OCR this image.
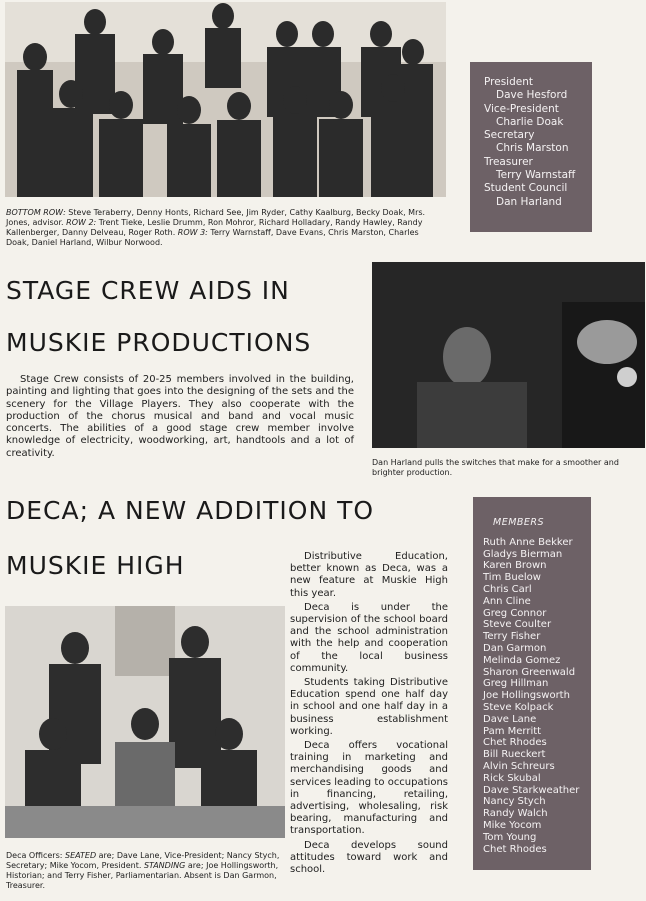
President
Dave Hesford
Vice-President
Charlie Doak
Secretary
Chris Marston
Treasurer
Terry Warnstaff
Student Council
Dan Harland
BOTTOM ROW: Steve Teraberry, Denny Honts, Richard See, Jim Ryder, Cathy Kaalburg, Becky Doak, Mrs. Jones, advisor. ROW 2: Trent Tieke, Leslie Drumm, Ron Mohror, Richard Holladary, Randy Hawley, Randy Kallenberger, Danny Delveau, Roger Roth. ROW 3: Terry Warnstaff, Dave Evans, Chris Marston, Charles Doak, Daniel Harland, Wilbur Norwood.
STAGE CREW AIDS IN
MUSKIE PRODUCTIONS

Stage Crew consists of 20-25 members involved in the building, painting and lighting that goes into the designing of the sets and the scenery for the Village Players. They also cooperate with the production of the chorus musical and band and vocal music concerts. The abilities of a good stage crew member involve knowledge of electricity, woodworking, art, handtools and a lot of creativity.

Dan Harland pulls the switches that make for a smoother and brighter production.
DECA; A NEW ADDITION TO
MUSKIE HIGH
Deca Officers: SEATED are; Dave Lane, Vice-President; Nancy Stych, Secretary; Mike Yocom, President. STANDING are; Joe Hollingsworth, Historian; and Terry Fisher, Parliamentarian. Absent is Dan Garmon, Treasurer.

Distributive Education, better known as Deca, was a new feature at Muskie High this year.

Deca is under the supervision of the school board and the school administration with the help and cooperation of the local business community.

Students taking Distributive Education spend one half day in school and one half day in a business establishment working.

Deca offers vocational training in marketing and merchandising goods and services leading to occupations in financing, retailing, advertising, wholesaling, risk bearing, manufacturing and transportation.

Deca develops sound attitudes toward work and school.

MEMBERS
Ruth Anne Bekker
Gladys Bierman
Karen Brown
Tim Buelow
Chris Carl
Ann Cline
Greg Connor
Steve Coulter
Terry Fisher
Dan Garmon
Melinda Gomez
Sharon Greenwald
Greg Hillman
Joe Hollingsworth
Steve Kolpack
Dave Lane
Pam Merritt
Chet Rhodes
Bill Rueckert
Alvin Schreurs
Rick Skubal
Dave Starkweather
Nancy Stych
Randy Walch
Mike Yocom
Tom Young
Chet Rhodes
